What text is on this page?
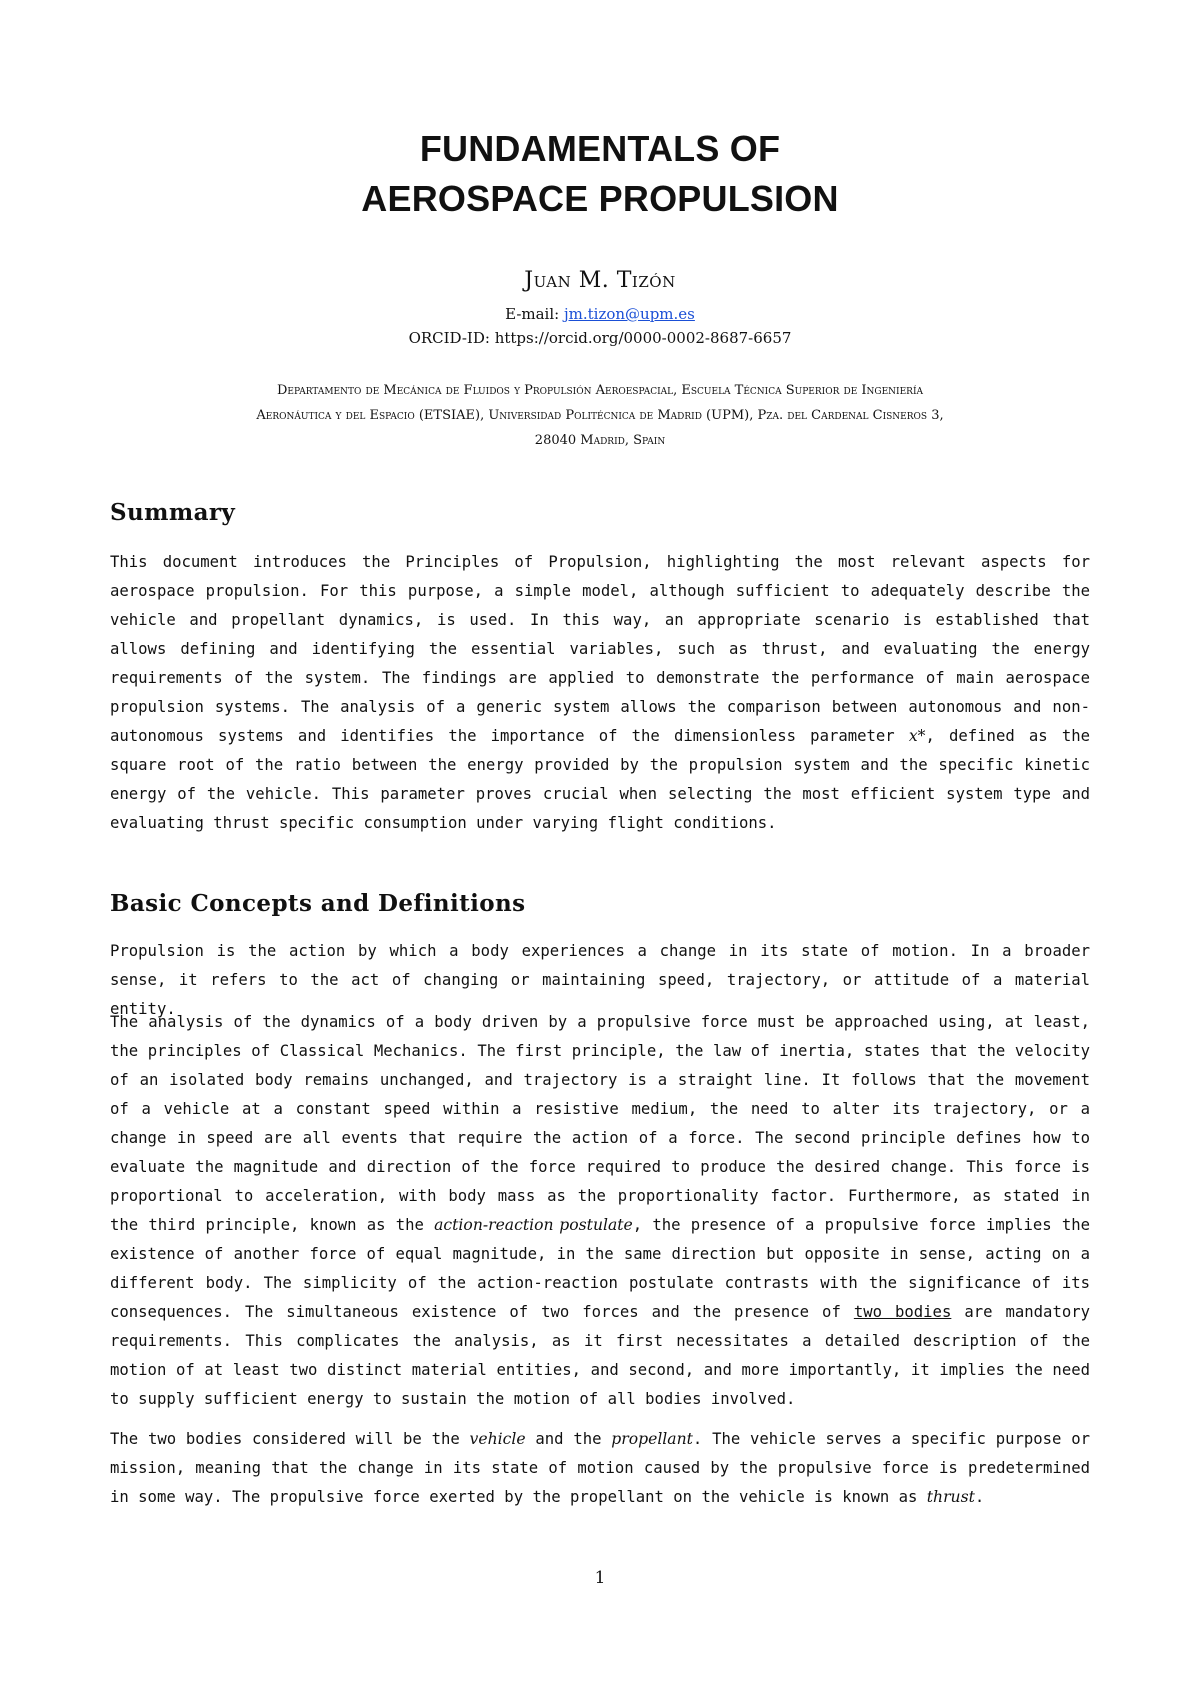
FUNDAMENTALS OF
AEROSPACE PROPULSION

Juan M. Tizón

E-mail: jm.tizon@upm.es

ORCID-ID: https://orcid.org/0000-0002-8687-6657

Departamento de Mecánica de Fluidos y Propulsión Aeroespacial, Escuela Técnica Superior de Ingeniería
Aeronáutica y del Espacio (ETSIAE), Universidad Politécnica de Madrid (UPM), Pza. del Cardenal Cisneros 3,
28040 Madrid, Spain

Summary

This document introduces the Principles of Propulsion, highlighting the most relevant aspects for aerospace propulsion. For this purpose, a simple model, although sufficient to adequately describe the vehicle and propellant dynamics, is used. In this way, an appropriate scenario is established that allows defining and identifying the essential variables, such as thrust, and evaluating the energy requirements of the system. The findings are applied to demonstrate the performance of main aerospace propulsion systems. The analysis of a generic system allows the comparison between autonomous and non-autonomous systems and identifies the importance of the dimensionless parameter x*, defined as the square root of the ratio between the energy provided by the propulsion system and the specific kinetic energy of the vehicle. This parameter proves crucial when selecting the most efficient system type and evaluating thrust specific consumption under varying flight conditions.

Basic Concepts and Definitions

Propulsion is the action by which a body experiences a change in its state of motion. In a broader sense, it refers to the act of changing or maintaining speed, trajectory, or attitude of a material entity.

The analysis of the dynamics of a body driven by a propulsive force must be approached using, at least, the principles of Classical Mechanics. The first principle, the law of inertia, states that the velocity of an isolated body remains unchanged, and trajectory is a straight line. It follows that the movement of a vehicle at a constant speed within a resistive medium, the need to alter its trajectory, or a change in speed are all events that require the action of a force. The second principle defines how to evaluate the magnitude and direction of the force required to produce the desired change. This force is proportional to acceleration, with body mass as the proportionality factor. Furthermore, as stated in the third principle, known as the action-reaction postulate, the presence of a propulsive force implies the existence of another force of equal magnitude, in the same direction but opposite in sense, acting on a different body. The simplicity of the action-reaction postulate contrasts with the significance of its consequences. The simultaneous existence of two forces and the presence of two bodies are mandatory requirements. This complicates the analysis, as it first necessitates a detailed description of the motion of at least two distinct material entities, and second, and more importantly, it implies the need to supply sufficient energy to sustain the motion of all bodies involved.

The two bodies considered will be the vehicle and the propellant. The vehicle serves a specific purpose or mission, meaning that the change in its state of motion caused by the propulsive force is predetermined in some way. The propulsive force exerted by the propellant on the vehicle is known as thrust.

1
